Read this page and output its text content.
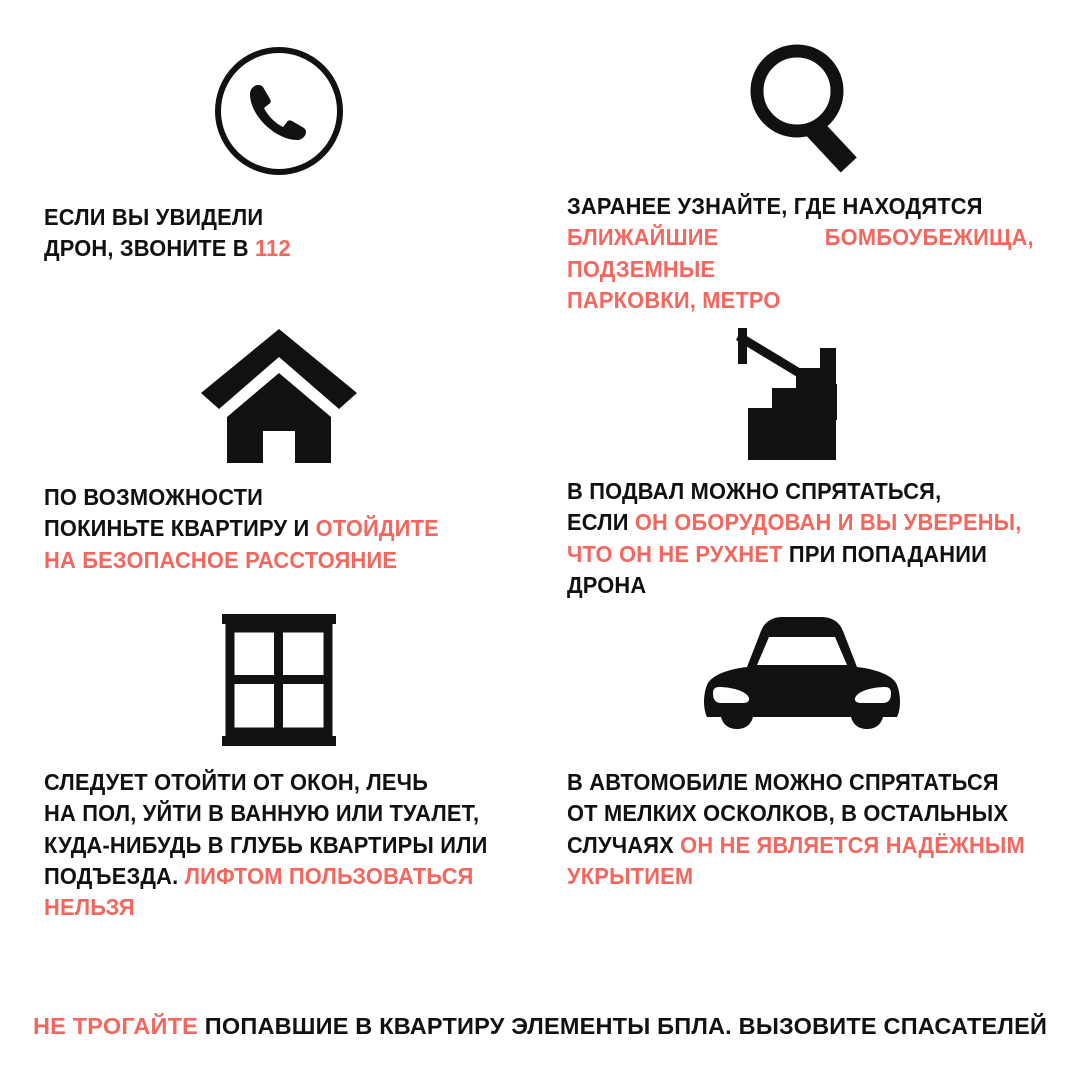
ЕСЛИ ВЫ УВИДЕЛИ
ДРОН, ЗВОНИТЕ В 112
ЗАРАНЕЕ УЗНАЙТЕ, ГДЕ НАХОДЯТСЯ
БЛИЖАЙШИЕ БОМБОУБЕЖИЩА, ПОДЗЕМНЫЕ
ПАРКОВКИ, МЕТРО
ПО ВОЗМОЖНОСТИ
ПОКИНЬТЕ КВАРТИРУ И ОТОЙДИТЕ
НА БЕЗОПАСНОЕ РАССТОЯНИЕ
В ПОДВАЛ МОЖНО СПРЯТАТЬСЯ,
ЕСЛИ ОН ОБОРУДОВАН И ВЫ УВЕРЕНЫ,
ЧТО ОН НЕ РУХНЕТ ПРИ ПОПАДАНИИ ДРОНА
СЛЕДУЕТ ОТОЙТИ ОТ ОКОН, ЛЕЧЬ
НА ПОЛ, УЙТИ В ВАННУЮ ИЛИ ТУАЛЕТ,
КУДА-НИБУДЬ В ГЛУБЬ КВАРТИРЫ ИЛИ
ПОДЪЕЗДА. ЛИФТОМ ПОЛЬЗОВАТЬСЯ
НЕЛЬЗЯ
В АВТОМОБИЛЕ МОЖНО СПРЯТАТЬСЯ
ОТ МЕЛКИХ ОСКОЛКОВ, В ОСТАЛЬНЫХ
СЛУЧАЯХ ОН НЕ ЯВЛЯЕТСЯ НАДЁЖНЫМ
УКРЫТИЕМ
НЕ ТРОГАЙТЕ ПОПАВШИЕ В КВАРТИРУ ЭЛЕМЕНТЫ БПЛА. ВЫЗОВИТЕ СПАСАТЕЛЕЙ
